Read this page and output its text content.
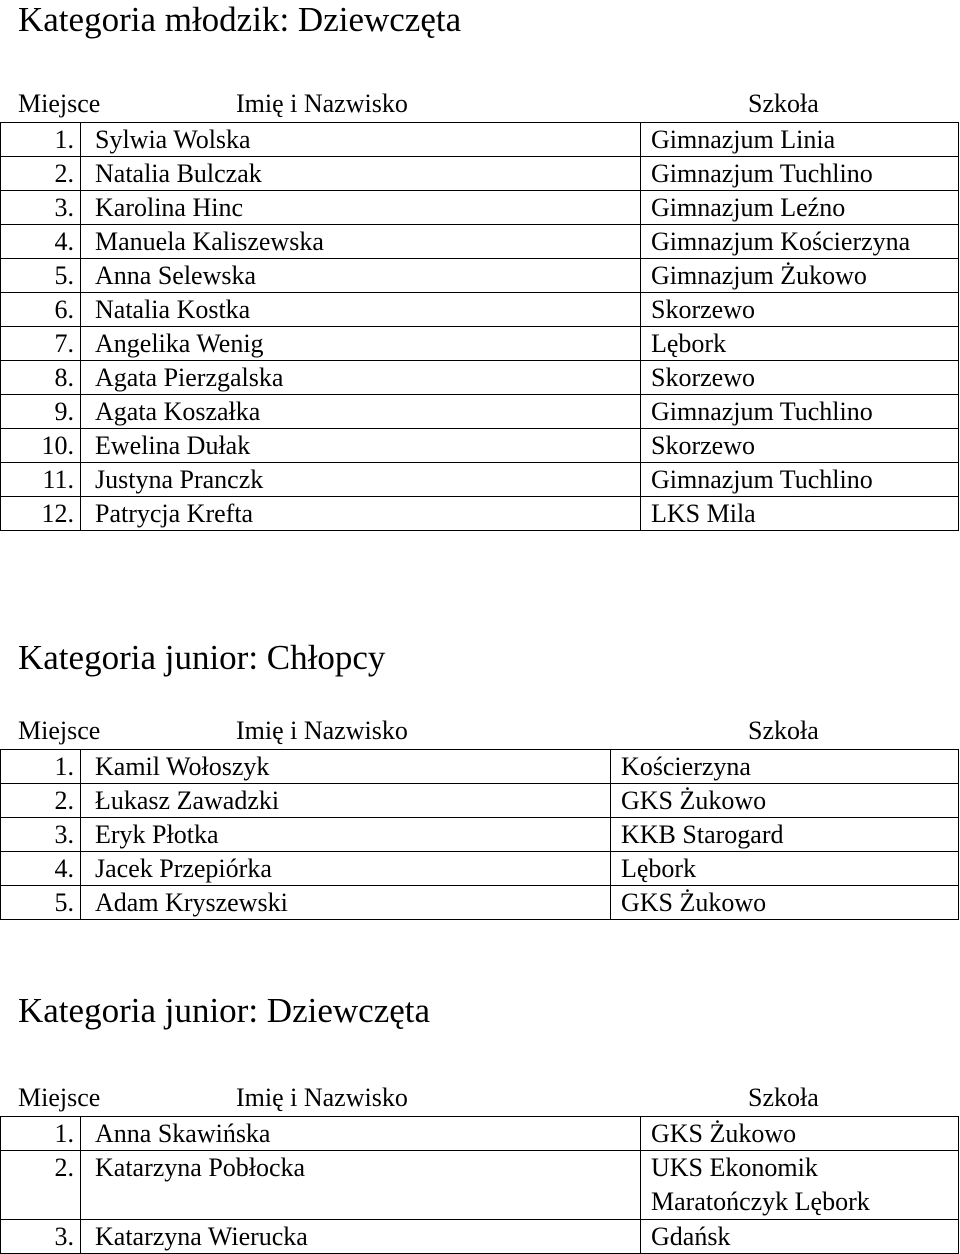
Kategoria młodzik: Dziewczęta
Miejsce	Imię i Nazwisko	Szkoła
1.	Sylwia Wolska	Gimnazjum Linia
2.	Natalia Bulczak	Gimnazjum Tuchlino
3.	Karolina Hinc	Gimnazjum Leźno
4.	Manuela Kaliszewska	Gimnazjum Kościerzyna
5.	Anna Selewska	Gimnazjum Żukowo
6.	Natalia Kostka	Skorzewo
7.	Angelika Wenig	Lębork
8.	Agata Pierzgalska	Skorzewo
9.	Agata Koszałka	Gimnazjum Tuchlino
10.	Ewelina Dułak	Skorzewo
11.	Justyna Pranczk	Gimnazjum Tuchlino
12.	Patrycja Krefta	LKS Mila
Kategoria junior: Chłopcy
Miejsce	Imię i Nazwisko	Szkoła
1.	Kamil Wołoszyk	Kościerzyna
2.	Łukasz Zawadzki	GKS Żukowo
3.	Eryk Płotka	KKB Starogard
4.	Jacek Przepiórka	Lębork
5.	Adam Kryszewski	GKS Żukowo
Kategoria junior: Dziewczęta
Miejsce	Imię i Nazwisko	Szkoła
1.	Anna Skawińska	GKS Żukowo
2.	Katarzyna Pobłocka	UKS Ekonomik Maratończyk Lębork
3.	Katarzyna Wierucka	Gdańsk
